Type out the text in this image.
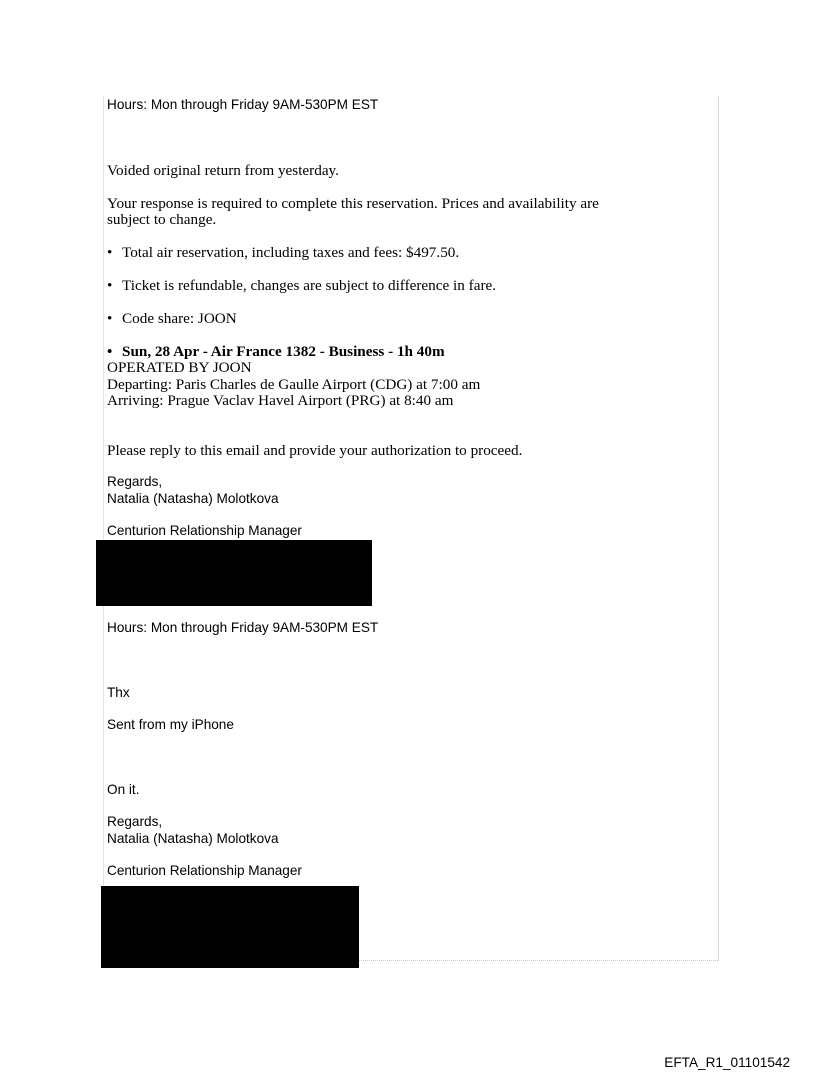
Hours: Mon through Friday 9AM-530PM EST
Voided original return from yesterday.
Your response is required to complete this reservation. Prices and availability are
subject to change.
• Total air reservation, including taxes and fees: $497.50.
• Ticket is refundable, changes are subject to difference in fare.
• Code share: JOON
• Sun, 28 Apr - Air France 1382 - Business - 1h 40m
OPERATED BY JOON
Departing: Paris Charles de Gaulle Airport (CDG) at 7:00 am
Arriving: Prague Vaclav Havel Airport (PRG) at 8:40 am
Please reply to this email and provide your authorization to proceed.
Regards,
Natalia (Natasha) Molotkova
Centurion Relationship Manager
Hours: Mon through Friday 9AM-530PM EST
Thx
Sent from my iPhone
On it.
Regards,
Natalia (Natasha) Molotkova
Centurion Relationship Manager
EFTA_R1_01101542
